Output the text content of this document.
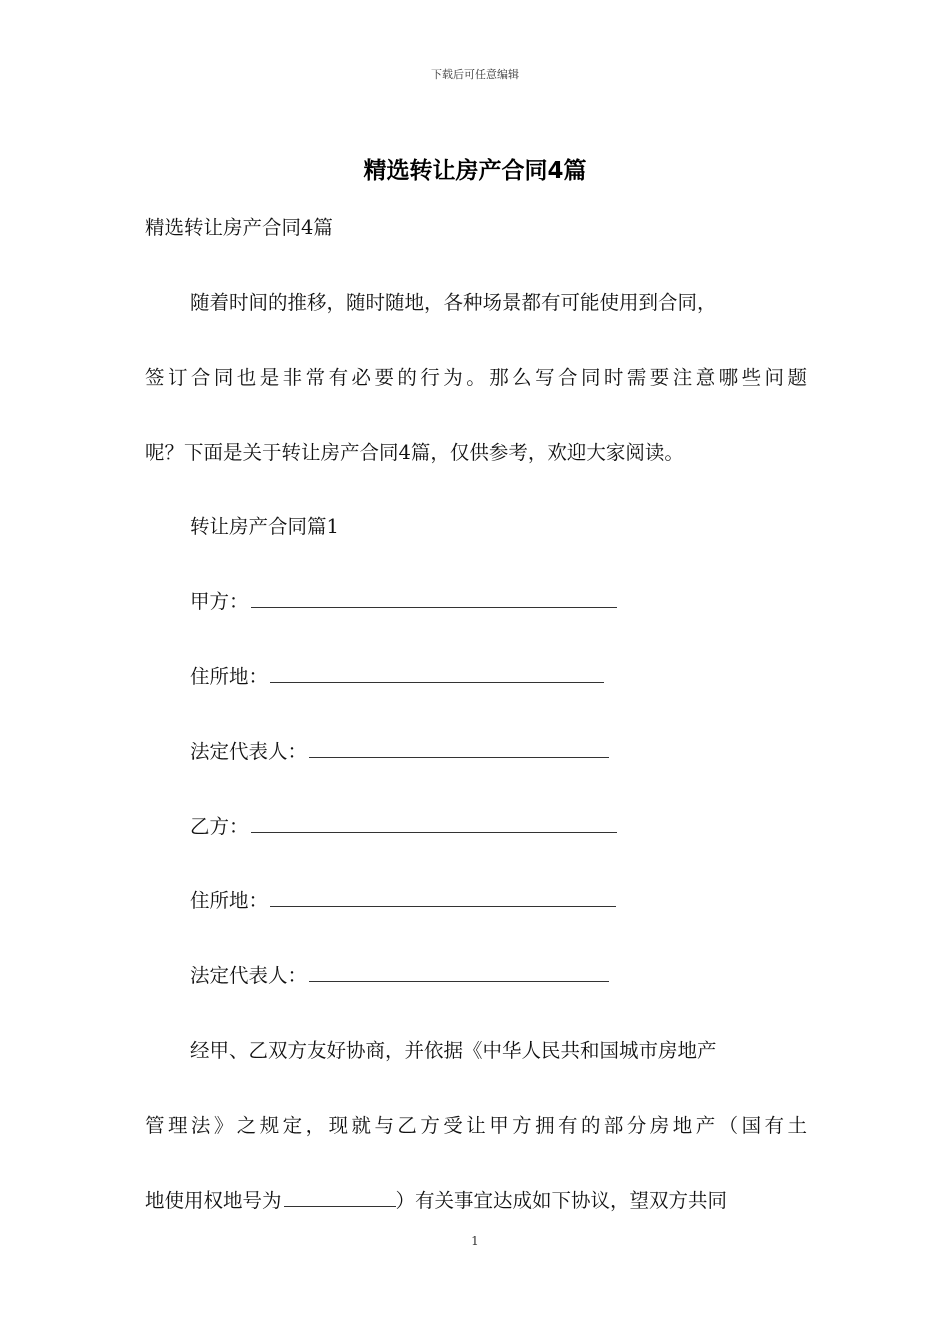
下载后可任意编辑
精选转让房产合同4篇
精选转让房产合同4篇
随着时间的推移，随时随地，各种场景都有可能使用到合同，
签订合同也是非常有必要的行为。那么写合同时需要注意哪些问题
呢？下面是关于转让房产合同4篇，仅供参考，欢迎大家阅读。
转让房产合同篇1
甲方：
住所地：
法定代表人：
乙方：
住所地：
法定代表人：
经甲、乙双方友好协商，并依据《中华人民共和国城市房地产
管理法》之规定，现就与乙方受让甲方拥有的部分房地产（国有土
地使用权地号为	）有关事宜达成如下协议，望双方共同
1
